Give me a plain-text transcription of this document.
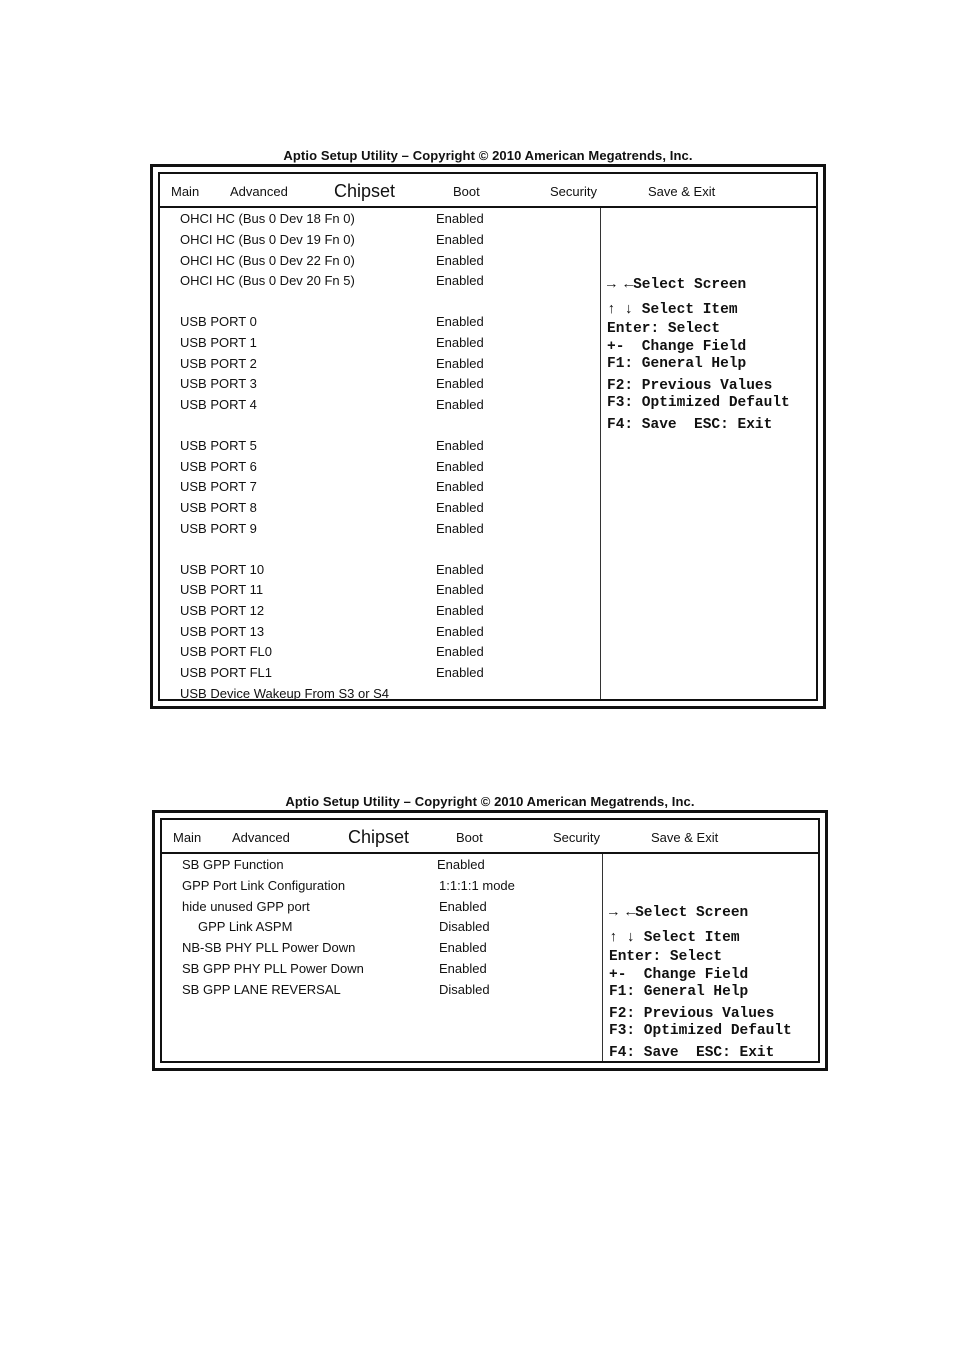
Aptio Setup Utility – Copyright © 2010 American Megatrends, Inc.
Main Advanced	Chipset	Boot	Security	Save & Exit
OHCI HC (Bus 0 Dev 18 Fn 0)	Enabled
OHCI HC (Bus 0 Dev 19 Fn 0)	Enabled
OHCI HC (Bus 0 Dev 22 Fn 0)	Enabled
OHCI HC (Bus 0 Dev 20 Fn 5)	Enabled
USB PORT 0	Enabled
USB PORT 1	Enabled
USB PORT 2	Enabled
USB PORT 3	Enabled
USB PORT 4	Enabled
USB PORT 5	Enabled
USB PORT 6	Enabled
USB PORT 7	Enabled
USB PORT 8	Enabled
USB PORT 9	Enabled
USB PORT 10	Enabled
USB PORT 11	Enabled
USB PORT 12	Enabled
USB PORT 13	Enabled
USB PORT FL0	Enabled
USB PORT FL1	Enabled
USB Device Wakeup From S3 or S4
→ ←Select Screen
↑ ↓ Select Item
Enter: Select
+-  Change Field
F1: General Help
F2: Previous Values
F3: Optimized Default
F4: Save  ESC: Exit
Aptio Setup Utility – Copyright © 2010 American Megatrends, Inc.
Main Advanced	Chipset	Boot	Security	Save & Exit
SB GPP Function	Enabled
GPP Port Link Configuration	1:1:1:1 mode
hide unused GPP port	Enabled
GPP Link ASPM	Disabled
NB-SB PHY PLL Power Down	Enabled
SB GPP PHY PLL Power Down	Enabled
SB GPP LANE REVERSAL	Disabled
→ ←Select Screen
↑ ↓ Select Item
Enter: Select
+-  Change Field
F1: General Help
F2: Previous Values
F3: Optimized Default
F4: Save  ESC: Exit
